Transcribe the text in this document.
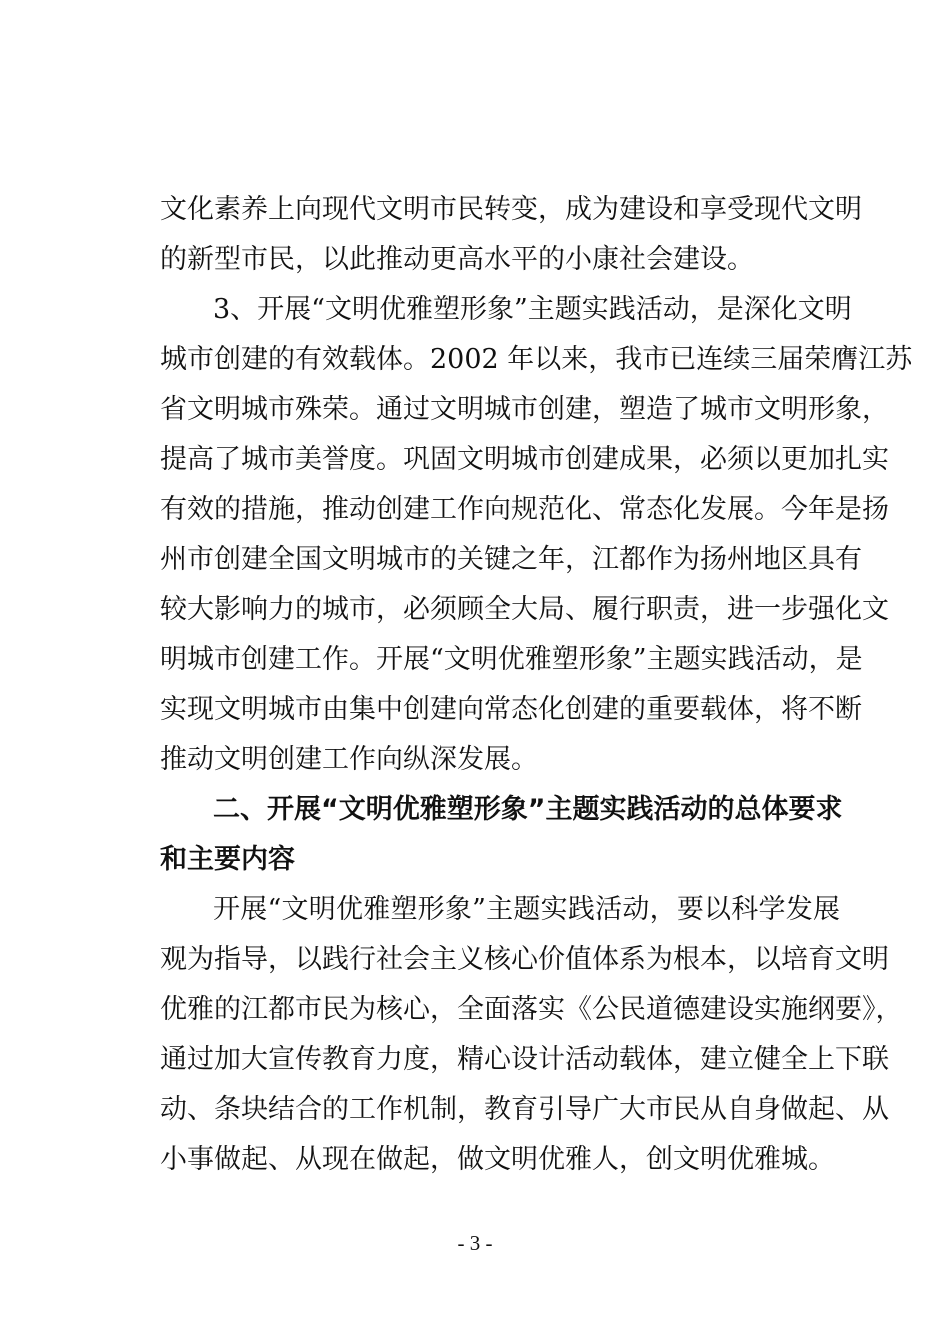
文化素养上向现代文明市民转变，成为建设和享受现代文明
的新型市民，以此推动更高水平的小康社会建设。
3、开展“文明优雅塑形象”主题实践活动，是深化文明
城市创建的有效载体。2002 年以来，我市已连续三届荣膺江苏
省文明城市殊荣。通过文明城市创建，塑造了城市文明形象，
提高了城市美誉度。巩固文明城市创建成果，必须以更加扎实
有效的措施，推动创建工作向规范化、常态化发展。今年是扬
州市创建全国文明城市的关键之年，江都作为扬州地区具有
较大影响力的城市，必须顾全大局、履行职责，进一步强化文
明城市创建工作。开展“文明优雅塑形象”主题实践活动，是
实现文明城市由集中创建向常态化创建的重要载体，将不断
推动文明创建工作向纵深发展。
二、开展“文明优雅塑形象”主题实践活动的总体要求
和主要内容
开展“文明优雅塑形象”主题实践活动，要以科学发展
观为指导，以践行社会主义核心价值体系为根本，以培育文明
优雅的江都市民为核心，全面落实《公民道德建设实施纲要》，
通过加大宣传教育力度，精心设计活动载体，建立健全上下联
动、条块结合的工作机制，教育引导广大市民从自身做起、从
小事做起、从现在做起，做文明优雅人，创文明优雅城。
- 3 -
